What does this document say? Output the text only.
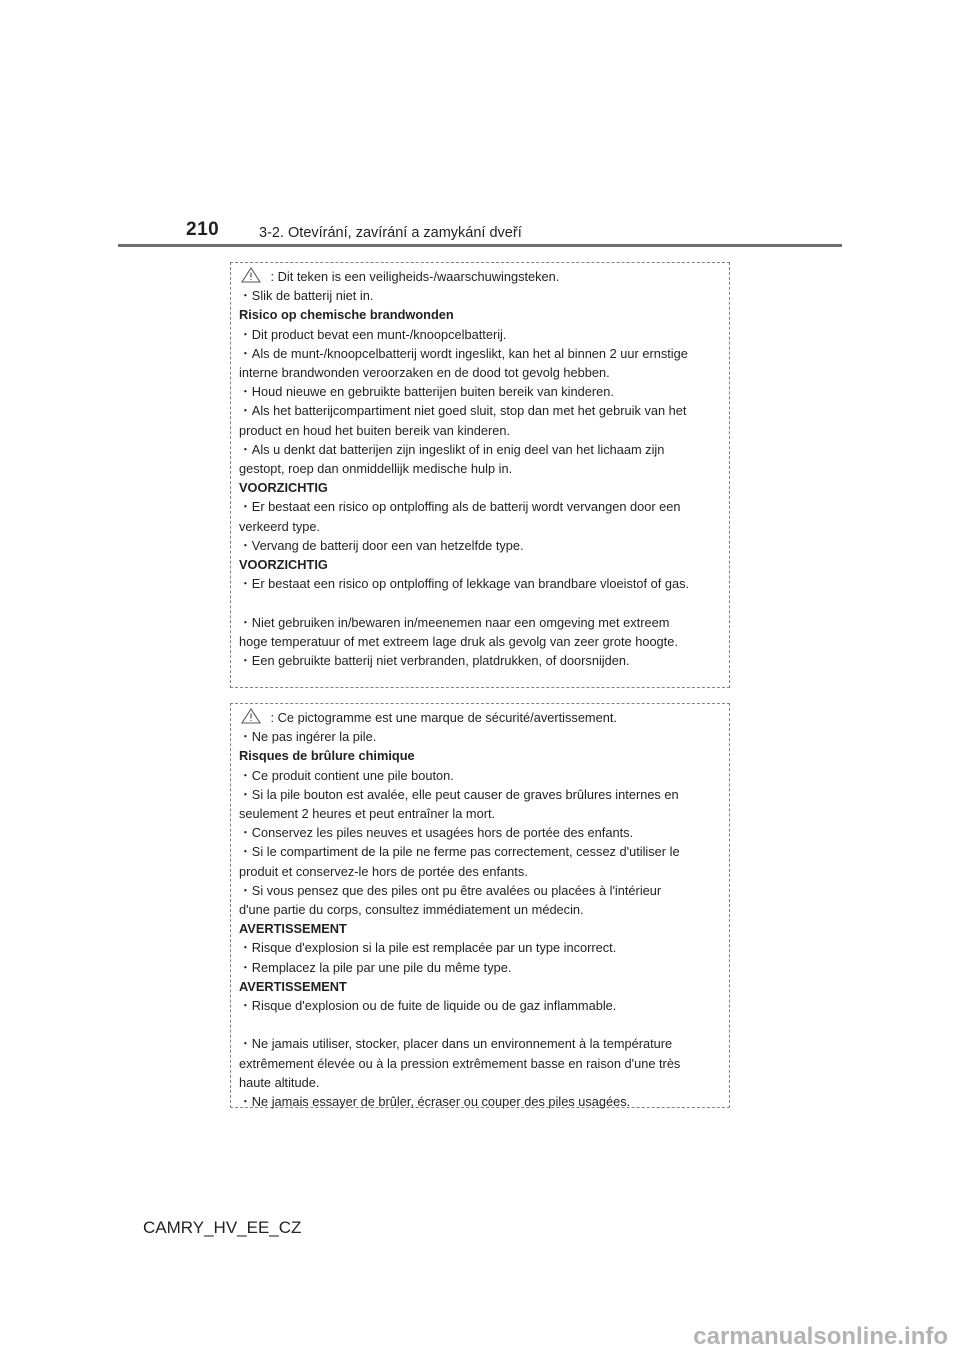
210	3-2. Otevírání, zavírání a zamykání dveří
: Dit teken is een veiligheids-/waarschuwingsteken.
・Slik de batterij niet in.
Risico op chemische brandwonden
・Dit product bevat een munt-/knoopcelbatterij.
・Als de munt-/knoopcelbatterij wordt ingeslikt, kan het al binnen 2 uur ernstige
interne brandwonden veroorzaken en de dood tot gevolg hebben.
・Houd nieuwe en gebruikte batterijen buiten bereik van kinderen.
・Als het batterijcompartiment niet goed sluit, stop dan met het gebruik van het
product en houd het buiten bereik van kinderen.
・Als u denkt dat batterijen zijn ingeslikt of in enig deel van het lichaam zijn
gestopt, roep dan onmiddellijk medische hulp in.
VOORZICHTIG
・Er bestaat een risico op ontploffing als de batterij wordt vervangen door een
verkeerd type.
・Vervang de batterij door een van hetzelfde type.
VOORZICHTIG
・Er bestaat een risico op ontploffing of lekkage van brandbare vloeistof of gas.
・Niet gebruiken in/bewaren in/meenemen naar een omgeving met extreem
hoge temperatuur of met extreem lage druk als gevolg van zeer grote hoogte.
・Een gebruikte batterij niet verbranden, platdrukken, of doorsnijden.
: Ce pictogramme est une marque de sécurité/avertissement.
・Ne pas ingérer la pile.
Risques de brûlure chimique
・Ce produit contient une pile bouton.
・Si la pile bouton est avalée, elle peut causer de graves brûlures internes en
seulement 2 heures et peut entraîner la mort.
・Conservez les piles neuves et usagées hors de portée des enfants.
・Si le compartiment de la pile ne ferme pas correctement, cessez d'utiliser le
produit et conservez-le hors de portée des enfants.
・Si vous pensez que des piles ont pu être avalées ou placées à l'intérieur
d'une partie du corps, consultez immédiatement un médecin.
AVERTISSEMENT
・Risque d'explosion si la pile est remplacée par un type incorrect.
・Remplacez la pile par une pile du même type.
AVERTISSEMENT
・Risque d'explosion ou de fuite de liquide ou de gaz inflammable.
・Ne jamais utiliser, stocker, placer dans un environnement à la température
extrêmement élevée ou à la pression extrêmement basse en raison d'une très
haute altitude.
・Ne jamais essayer de brûler, écraser ou couper des piles usagées.
CAMRY_HV_EE_CZ
carmanualsonline.info
